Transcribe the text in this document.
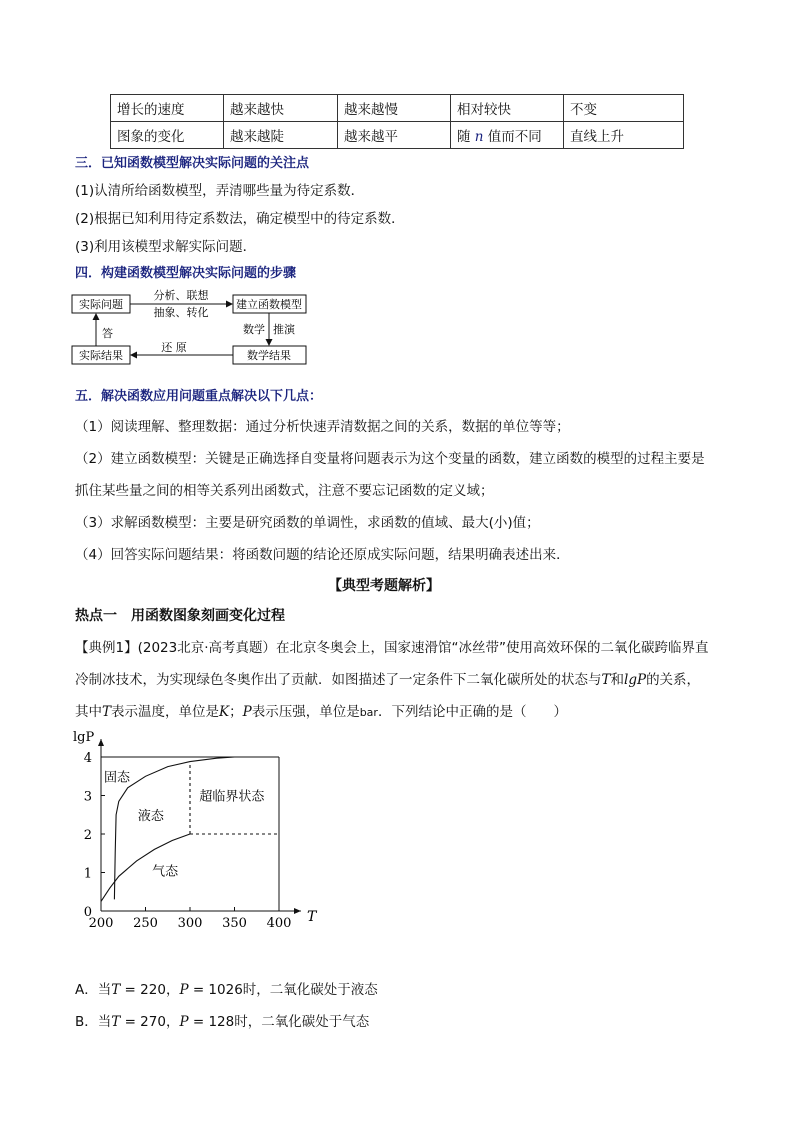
增长的速度	越来越快	越来越慢	相对较快	不变
图象的变化	越来越陡	越来越平	随 n 值而不同	直线上升
三．已知函数模型解决实际问题的关注点
(1)认清所给函数模型，弄清哪些量为待定系数．
(2)根据已知利用待定系数法，确定模型中的待定系数．
(3)利用该模型求解实际问题．
四．构建函数模型解决实际问题的步骤
实际问题	建立函数模型
实际结果	数学结果
分析、联想
抽象、转化
数学 推演
还 原
答
五．解决函数应用问题重点解决以下几点：
（1）阅读理解、整理数据：通过分析快速弄清数据之间的关系，数据的单位等等；
（2）建立函数模型：关键是正确选择自变量将问题表示为这个变量的函数，建立函数的模型的过程主要是
抓住某些量之间的相等关系列出函数式，注意不要忘记函数的定义域；
（3）求解函数模型：主要是研究函数的单调性，求函数的值域、最大(小)值；
（4）回答实际问题结果：将函数问题的结论还原成实际问题，结果明确表述出来．
【典型考题解析】
热点一　用函数图象刻画变化过程
【典例1】(2023北京·高考真题）在北京冬奥会上，国家速滑馆“冰丝带”使用高效环保的二氧化碳跨临界直
冷制冰技术，为实现绿色冬奥作出了贡献．如图描述了一定条件下二氧化碳所处的状态与T和lgP的关系，
其中T表示温度，单位是K；P表示压强，单位是bar．下列结论中正确的是（　　）
200 250 300 350 400
0
1
2
3
4
T
lgP
固态
液态
超临界状态
气态
A．当T = 220，P = 1026时，二氧化碳处于液态
B．当T = 270，P = 128时，二氧化碳处于气态
